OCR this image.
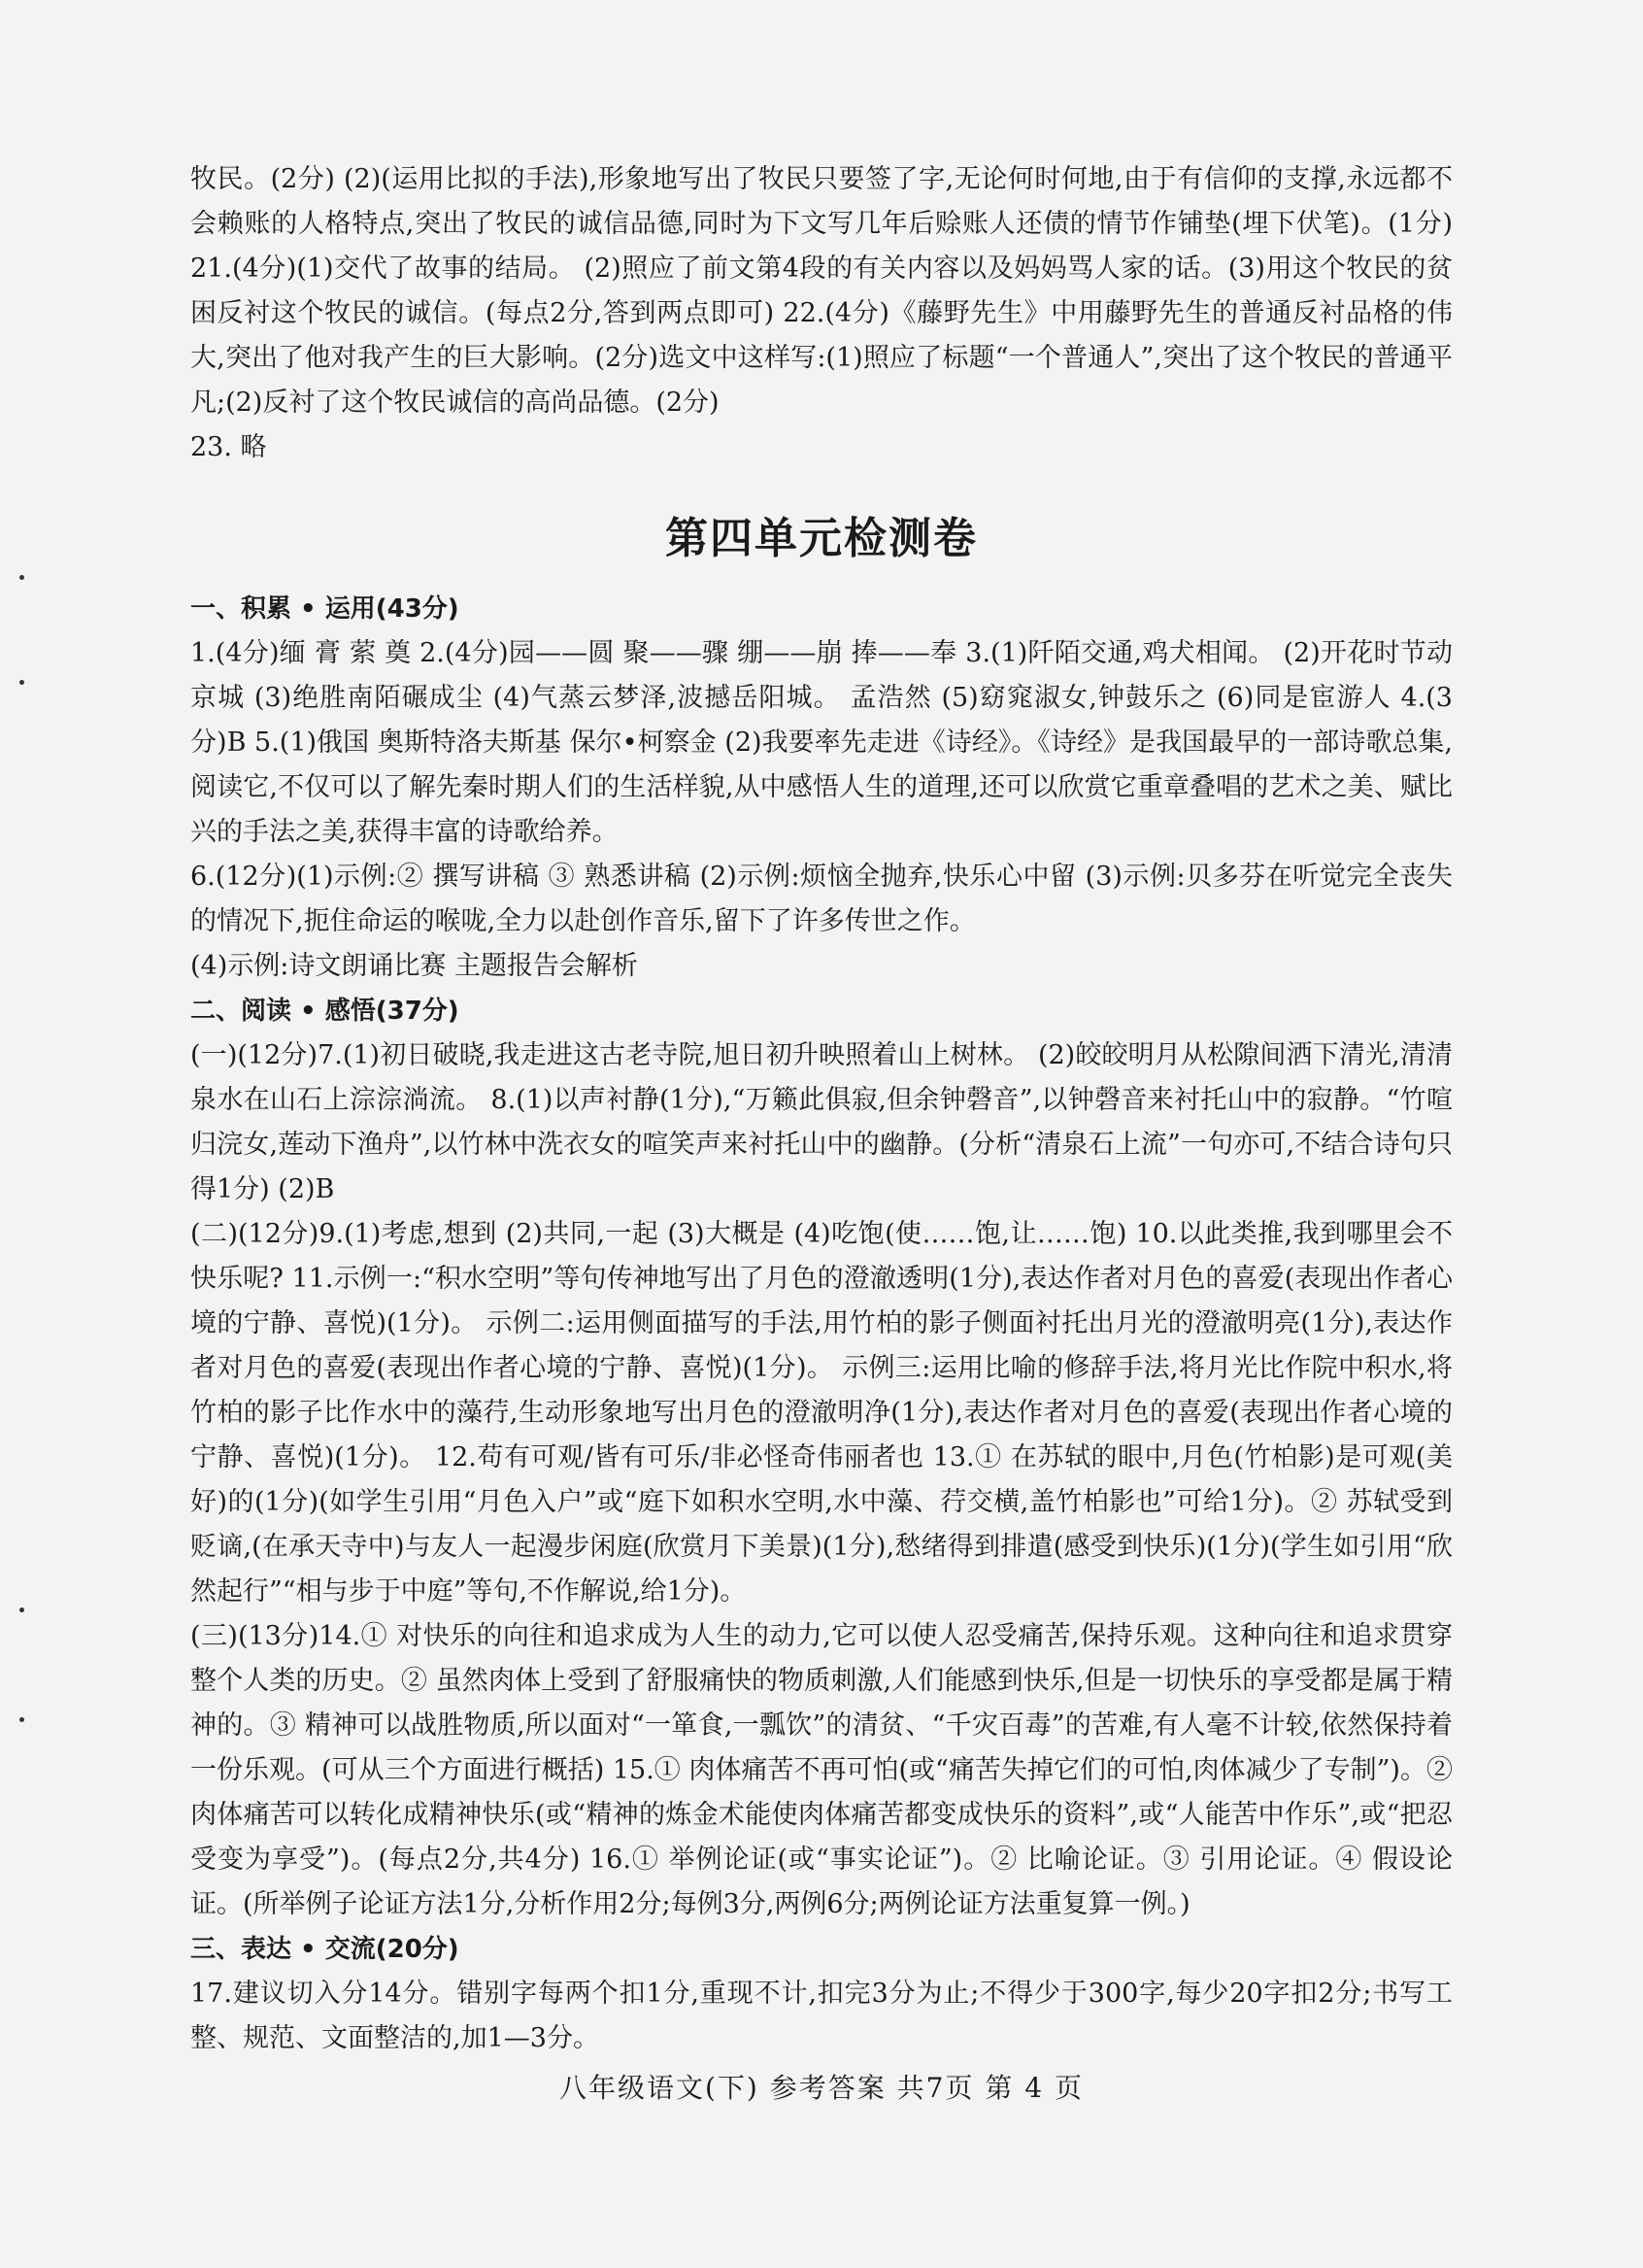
牧民。(2分) (2)(运用比拟的手法),形象地写出了牧民只要签了字,无论何时何地,由于有信仰的支撑,永远都不会赖账的人格特点,突出了牧民的诚信品德,同时为下文写几年后赊账人还债的情节作铺垫(埋下伏笔)。(1分) 21.(4分)(1)交代了故事的结局。 (2)照应了前文第4段的有关内容以及妈妈骂人家的话。(3)用这个牧民的贫困反衬这个牧民的诚信。(每点2分,答到两点即可) 22.(4分)《藤野先生》中用藤野先生的普通反衬品格的伟大,突出了他对我产生的巨大影响。(2分)选文中这样写:(1)照应了标题“一个普通人”,突出了这个牧民的普通平凡;(2)反衬了这个牧民诚信的高尚品德。(2分)

23. 略

第四单元检测卷

一、积累 • 运用(43分)

1.(4分)缅 膏 萦 奠 2.(4分)园——圆 聚——骤 绷——崩 捧——奉 3.(1)阡陌交通,鸡犬相闻。 (2)开花时节动京城 (3)绝胜南陌碾成尘 (4)气蒸云梦泽,波撼岳阳城。 孟浩然 (5)窈窕淑女,钟鼓乐之 (6)同是宦游人 4.(3分)B 5.(1)俄国 奥斯特洛夫斯基 保尔•柯察金 (2)我要率先走进《诗经》。《诗经》是我国最早的一部诗歌总集,阅读它,不仅可以了解先秦时期人们的生活样貌,从中感悟人生的道理,还可以欣赏它重章叠唱的艺术之美、赋比兴的手法之美,获得丰富的诗歌给养。

6.(12分)(1)示例:② 撰写讲稿 ③ 熟悉讲稿 (2)示例:烦恼全抛弃,快乐心中留 (3)示例:贝多芬在听觉完全丧失的情况下,扼住命运的喉咙,全力以赴创作音乐,留下了许多传世之作。

(4)示例:诗文朗诵比赛 主题报告会解析

二、阅读 • 感悟(37分)

(一)(12分)7.(1)初日破晓,我走进这古老寺院,旭日初升映照着山上树林。 (2)皎皎明月从松隙间洒下清光,清清泉水在山石上淙淙淌流。 8.(1)以声衬静(1分),“万籁此俱寂,但余钟磬音”,以钟磬音来衬托山中的寂静。“竹喧归浣女,莲动下渔舟”,以竹林中洗衣女的喧笑声来衬托山中的幽静。(分析“清泉石上流”一句亦可,不结合诗句只得1分) (2)B

(二)(12分)9.(1)考虑,想到 (2)共同,一起 (3)大概是 (4)吃饱(使……饱,让……饱) 10.以此类推,我到哪里会不快乐呢? 11.示例一:“积水空明”等句传神地写出了月色的澄澈透明(1分),表达作者对月色的喜爱(表现出作者心境的宁静、喜悦)(1分)。 示例二:运用侧面描写的手法,用竹柏的影子侧面衬托出月光的澄澈明亮(1分),表达作者对月色的喜爱(表现出作者心境的宁静、喜悦)(1分)。 示例三:运用比喻的修辞手法,将月光比作院中积水,将竹柏的影子比作水中的藻荇,生动形象地写出月色的澄澈明净(1分),表达作者对月色的喜爱(表现出作者心境的宁静、喜悦)(1分)。 12.苟有可观/皆有可乐/非必怪奇伟丽者也 13.① 在苏轼的眼中,月色(竹柏影)是可观(美好)的(1分)(如学生引用“月色入户”或“庭下如积水空明,水中藻、荇交横,盖竹柏影也”可给1分)。② 苏轼受到贬谪,(在承天寺中)与友人一起漫步闲庭(欣赏月下美景)(1分),愁绪得到排遣(感受到快乐)(1分)(学生如引用“欣然起行”“相与步于中庭”等句,不作解说,给1分)。

(三)(13分)14.① 对快乐的向往和追求成为人生的动力,它可以使人忍受痛苦,保持乐观。这种向往和追求贯穿整个人类的历史。② 虽然肉体上受到了舒服痛快的物质刺激,人们能感到快乐,但是一切快乐的享受都是属于精神的。③ 精神可以战胜物质,所以面对“一箪食,一瓢饮”的清贫、“千灾百毒”的苦难,有人毫不计较,依然保持着一份乐观。(可从三个方面进行概括) 15.① 肉体痛苦不再可怕(或“痛苦失掉它们的可怕,肉体减少了专制”)。②肉体痛苦可以转化成精神快乐(或“精神的炼金术能使肉体痛苦都变成快乐的资料”,或“人能苦中作乐”,或“把忍受变为享受”)。(每点2分,共4分) 16.① 举例论证(或“事实论证”)。② 比喻论证。③ 引用论证。④ 假设论证。(所举例子论证方法1分,分析作用2分;每例3分,两例6分;两例论证方法重复算一例。)

三、表达 • 交流(20分)

17.建议切入分14分。错别字每两个扣1分,重现不计,扣完3分为止;不得少于300字,每少20字扣2分;书写工整、规范、文面整洁的,加1—3分。

八年级语文(下) 参考答案 共7页 第 4 页
